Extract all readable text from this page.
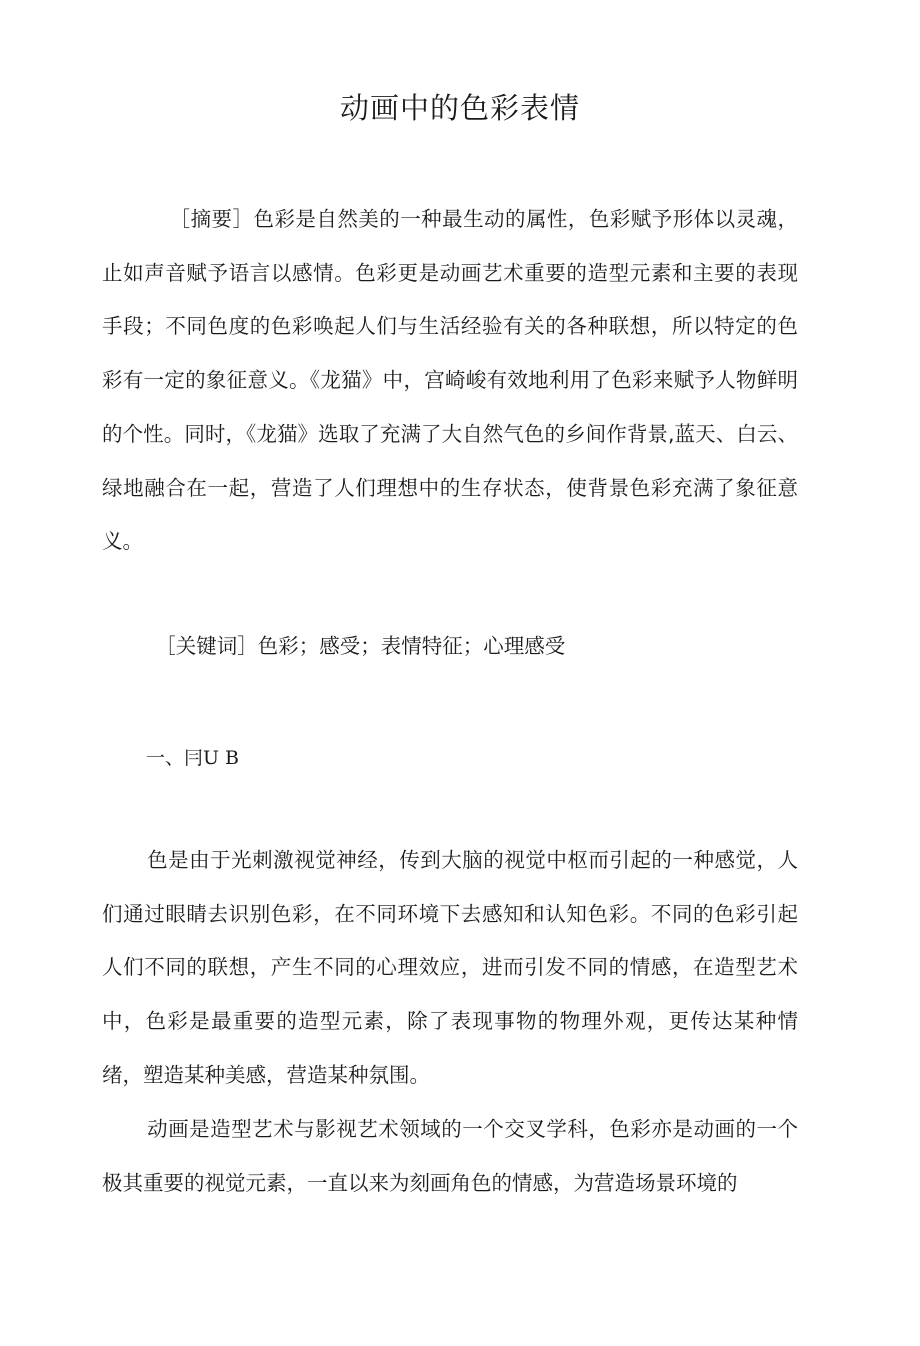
动画中的色彩表情

［摘要］色彩是自然美的一种最生动的属性，色彩赋予形体以灵魂，止如声音赋予语言以感情。色彩更是动画艺术重要的造型元素和主要的表现手段；不同色度的色彩唤起人们与生活经验有关的各种联想，所以特定的色彩有一定的象征意义。《龙猫》中，宫崎峻有效地利用了色彩来赋予人物鲜明的个性。同时，《龙猫》选取了充满了大自然气色的乡间作背景,蓝天、白云、绿地融合在一起，营造了人们理想中的生存状态，使背景色彩充满了象征意义。

［关键词］色彩；感受；表情特征；心理感受

一、冃U B

色是由于光刺激视觉神经，传到大脑的视觉中枢而引起的一种感觉，人们通过眼睛去识别色彩，在不同环境下去感知和认知色彩。不同的色彩引起人们不同的联想，产生不同的心理效应，进而引发不同的情感，在造型艺术中，色彩是最重要的造型元素，除了表现事物的物理外观，更传达某种情绪，塑造某种美感，营造某种氛围。

动画是造型艺术与影视艺术领域的一个交叉学科，色彩亦是动画的一个极其重要的视觉元素，一直以来为刻画角色的情感，为营造场景环境的
